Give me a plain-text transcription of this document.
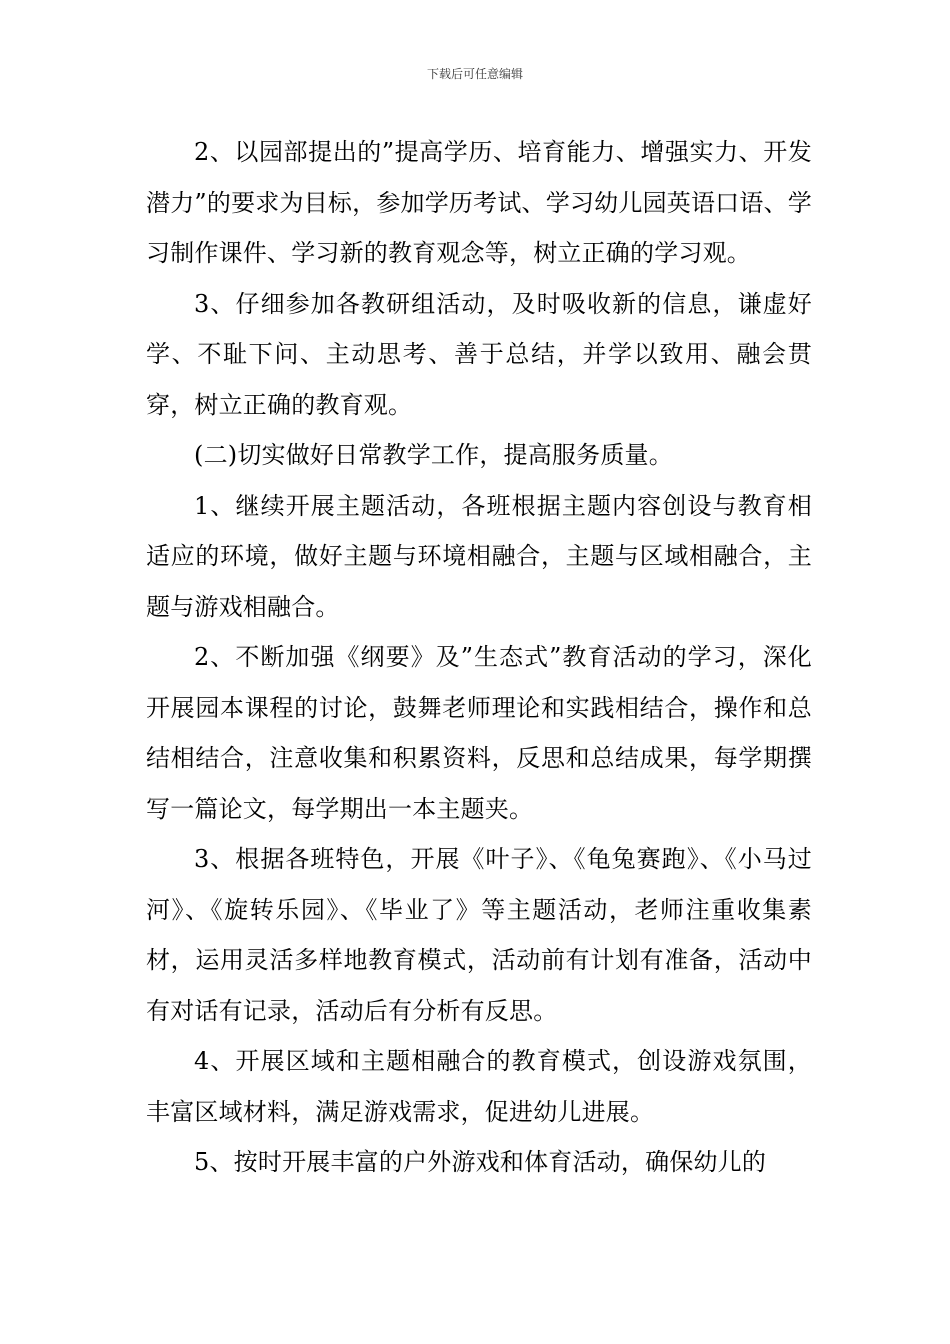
下载后可任意编辑

2、以园部提出的”提高学历、培育能力、增强实力、开发潜力”的要求为目标，参加学历考试、学习幼儿园英语口语、学习制作课件、学习新的教育观念等，树立正确的学习观。

3、仔细参加各教研组活动，及时吸收新的信息，谦虚好学、不耻下问、主动思考、善于总结，并学以致用、融会贯穿，树立正确的教育观。

(二)切实做好日常教学工作，提高服务质量。

1、继续开展主题活动，各班根据主题内容创设与教育相适应的环境，做好主题与环境相融合，主题与区域相融合，主题与游戏相融合。

2、不断加强《纲要》及”生态式”教育活动的学习，深化开展园本课程的讨论，鼓舞老师理论和实践相结合，操作和总结相结合，注意收集和积累资料，反思和总结成果，每学期撰写一篇论文，每学期出一本主题夹。

3、根据各班特色，开展《叶子》、《龟兔赛跑》、《小马过河》、《旋转乐园》、《毕业了》等主题活动，老师注重收集素材，运用灵活多样地教育模式，活动前有计划有准备，活动中有对话有记录，活动后有分析有反思。

4、开展区域和主题相融合的教育模式，创设游戏氛围，丰富区域材料，满足游戏需求，促进幼儿进展。

5、按时开展丰富的户外游戏和体育活动，确保幼儿的
